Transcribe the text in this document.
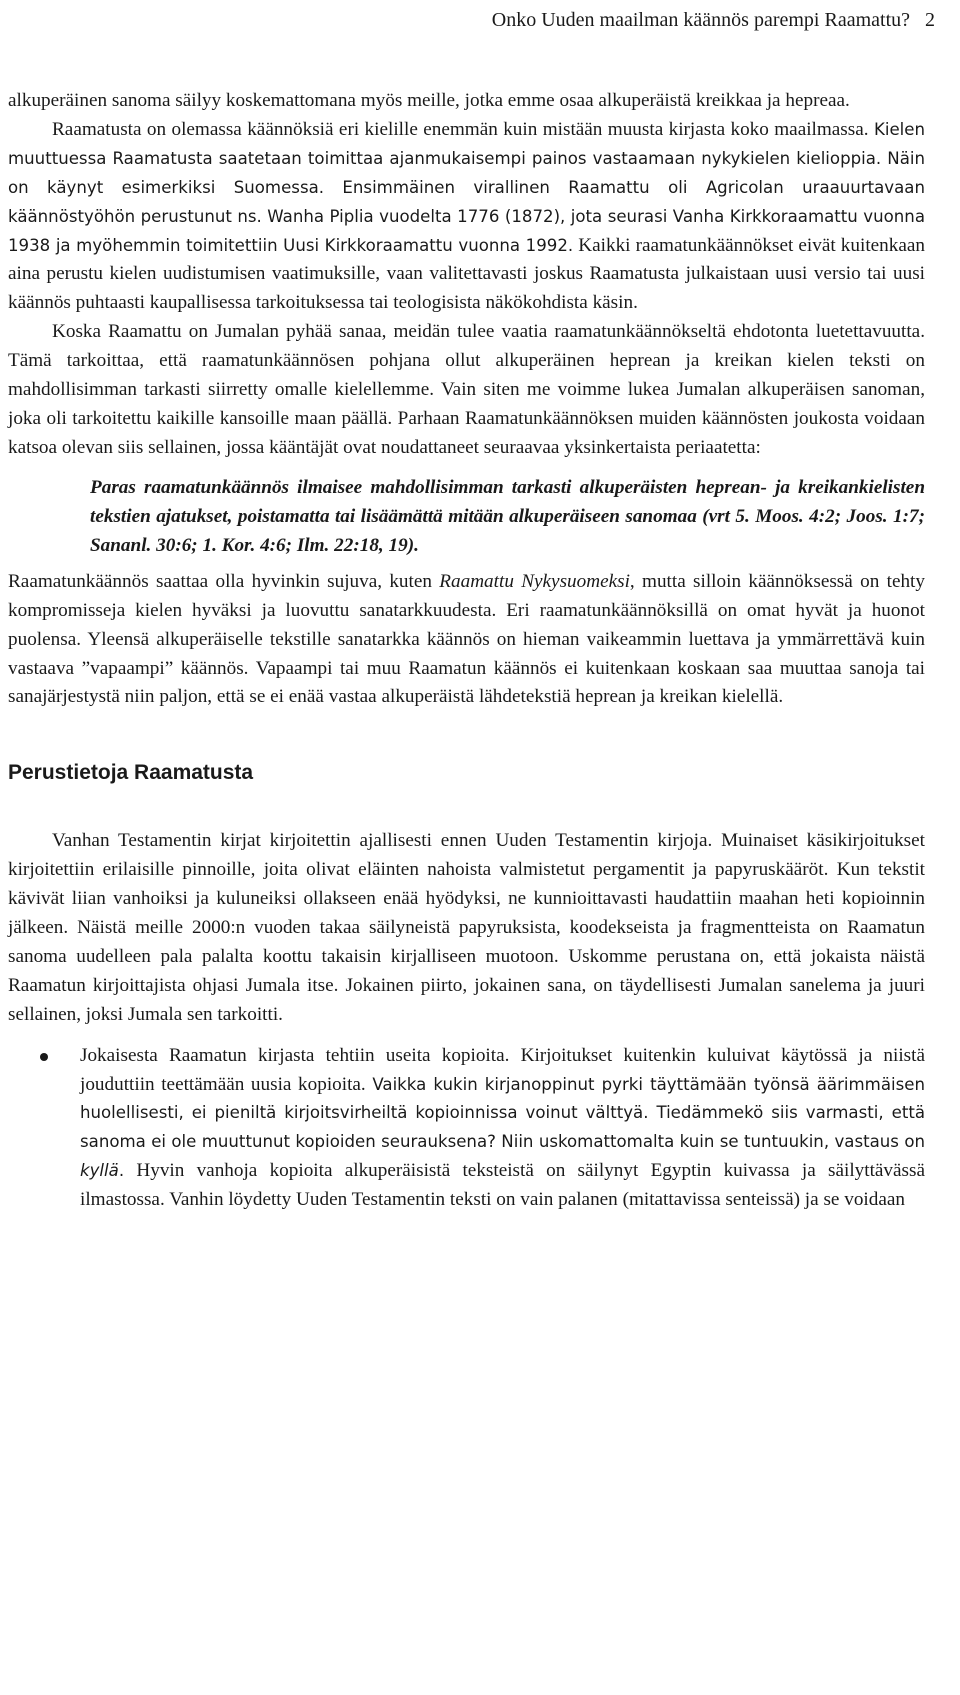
Onko Uuden maailman käännös parempi Raamattu? 2

alkuperäinen sanoma säilyy koskemattomana myös meille, jotka emme osaa alkuperäistä kreikkaa ja hepreaa.

Raamatusta on olemassa käännöksiä eri kielille enemmän kuin mistään muusta kirjasta koko maailmassa. Kielen muuttuessa Raamatusta saatetaan toimittaa ajanmukaisempi painos vastaamaan nykykielen kielioppia. Näin on käynyt esimerkiksi Suomessa. Ensimmäinen virallinen Raamattu oli Agricolan uraauurtavaan käännöstyöhön perustunut ns. Wanha Piplia vuodelta 1776 (1872), jota seurasi Vanha Kirkkoraamattu vuonna 1938 ja myöhemmin toimitettiin Uusi Kirkkoraamattu vuonna 1992. Kaikki raamatunkäännökset eivät kuitenkaan aina perustu kielen uudistumisen vaatimuksille, vaan valitettavasti joskus Raamatusta julkaistaan uusi versio tai uusi käännös puhtaasti kaupallisessa tarkoituksessa tai teologisista näkökohdista käsin.

Koska Raamattu on Jumalan pyhää sanaa, meidän tulee vaatia raamatunkäännökseltä ehdotonta luetettavuutta. Tämä tarkoittaa, että raamatunkäännösen pohjana ollut alkuperäinen heprean ja kreikan kielen teksti on mahdollisimman tarkasti siirretty omalle kielellemme. Vain siten me voimme lukea Jumalan alkuperäisen sanoman, joka oli tarkoitettu kaikille kansoille maan päällä. Parhaan Raamatunkäännöksen muiden käännösten joukosta voidaan katsoa olevan siis sellainen, jossa kääntäjät ovat noudattaneet seuraavaa yksinkertaista periaatetta:

Paras raamatunkäännös ilmaisee mahdollisimman tarkasti alkuperäisten heprean- ja kreikankielisten tekstien ajatukset, poistamatta tai lisäämättä mitään alkuperäiseen sanomaa (vrt 5. Moos. 4:2; Joos. 1:7; Sananl. 30:6; 1. Kor. 4:6; Ilm. 22:18, 19).

Raamatunkäännös saattaa olla hyvinkin sujuva, kuten Raamattu Nykysuomeksi, mutta silloin käännöksessä on tehty kompromisseja kielen hyväksi ja luovuttu sanatarkkuudesta. Eri raamatunkäännöksillä on omat hyvät ja huonot puolensa. Yleensä alkuperäiselle tekstille sanatarkka käännös on hieman vaikeammin luettava ja ymmärrettävä kuin vastaava ”vapaampi” käännös. Vapaampi tai muu Raamatun käännös ei kuitenkaan koskaan saa muuttaa sanoja tai sanajärjestystä niin paljon, että se ei enää vastaa alkuperäistä lähdetekstiä heprean ja kreikan kielellä.

Perustietoja Raamatusta

Vanhan Testamentin kirjat kirjoitettin ajallisesti ennen Uuden Testamentin kirjoja. Muinaiset käsikirjoitukset kirjoitettiin erilaisille pinnoille, joita olivat eläinten nahoista valmistetut pergamentit ja papyruskääröt. Kun tekstit kävivät liian vanhoiksi ja kuluneiksi ollakseen enää hyödyksi, ne kunnioittavasti haudattiin maahan heti kopioinnin jälkeen. Näistä meille 2000:n vuoden takaa säilyneistä papyruksista, koodekseista ja fragmentteista on Raamatun sanoma uudelleen pala palalta koottu takaisin kirjalliseen muotoon. Uskomme perustana on, että jokaista näistä Raamatun kirjoittajista ohjasi Jumala itse. Jokainen piirto, jokainen sana, on täydellisesti Jumalan sanelema ja juuri sellainen, joksi Jumala sen tarkoitti.

Jokaisesta Raamatun kirjasta tehtiin useita kopioita. Kirjoitukset kuitenkin kuluivat käytössä ja niistä jouduttiin teettämään uusia kopioita. Vaikka kukin kirjanoppinut pyrki täyttämään työnsä äärimmäisen huolellisesti, ei pieniltä kirjoitsvirheiltä kopioinnissa voinut välttyä. Tiedämmekö siis varmasti, että sanoma ei ole muuttunut kopioiden seurauksena? Niin uskomattomalta kuin se tuntuukin, vastaus on kyllä. Hyvin vanhoja kopioita alkuperäisistä teksteistä on säilynyt Egyptin kuivassa ja säilyttävässä ilmastossa. Vanhin löydetty Uuden Testamentin teksti on vain palanen (mitattavissa senteissä) ja se voidaan
